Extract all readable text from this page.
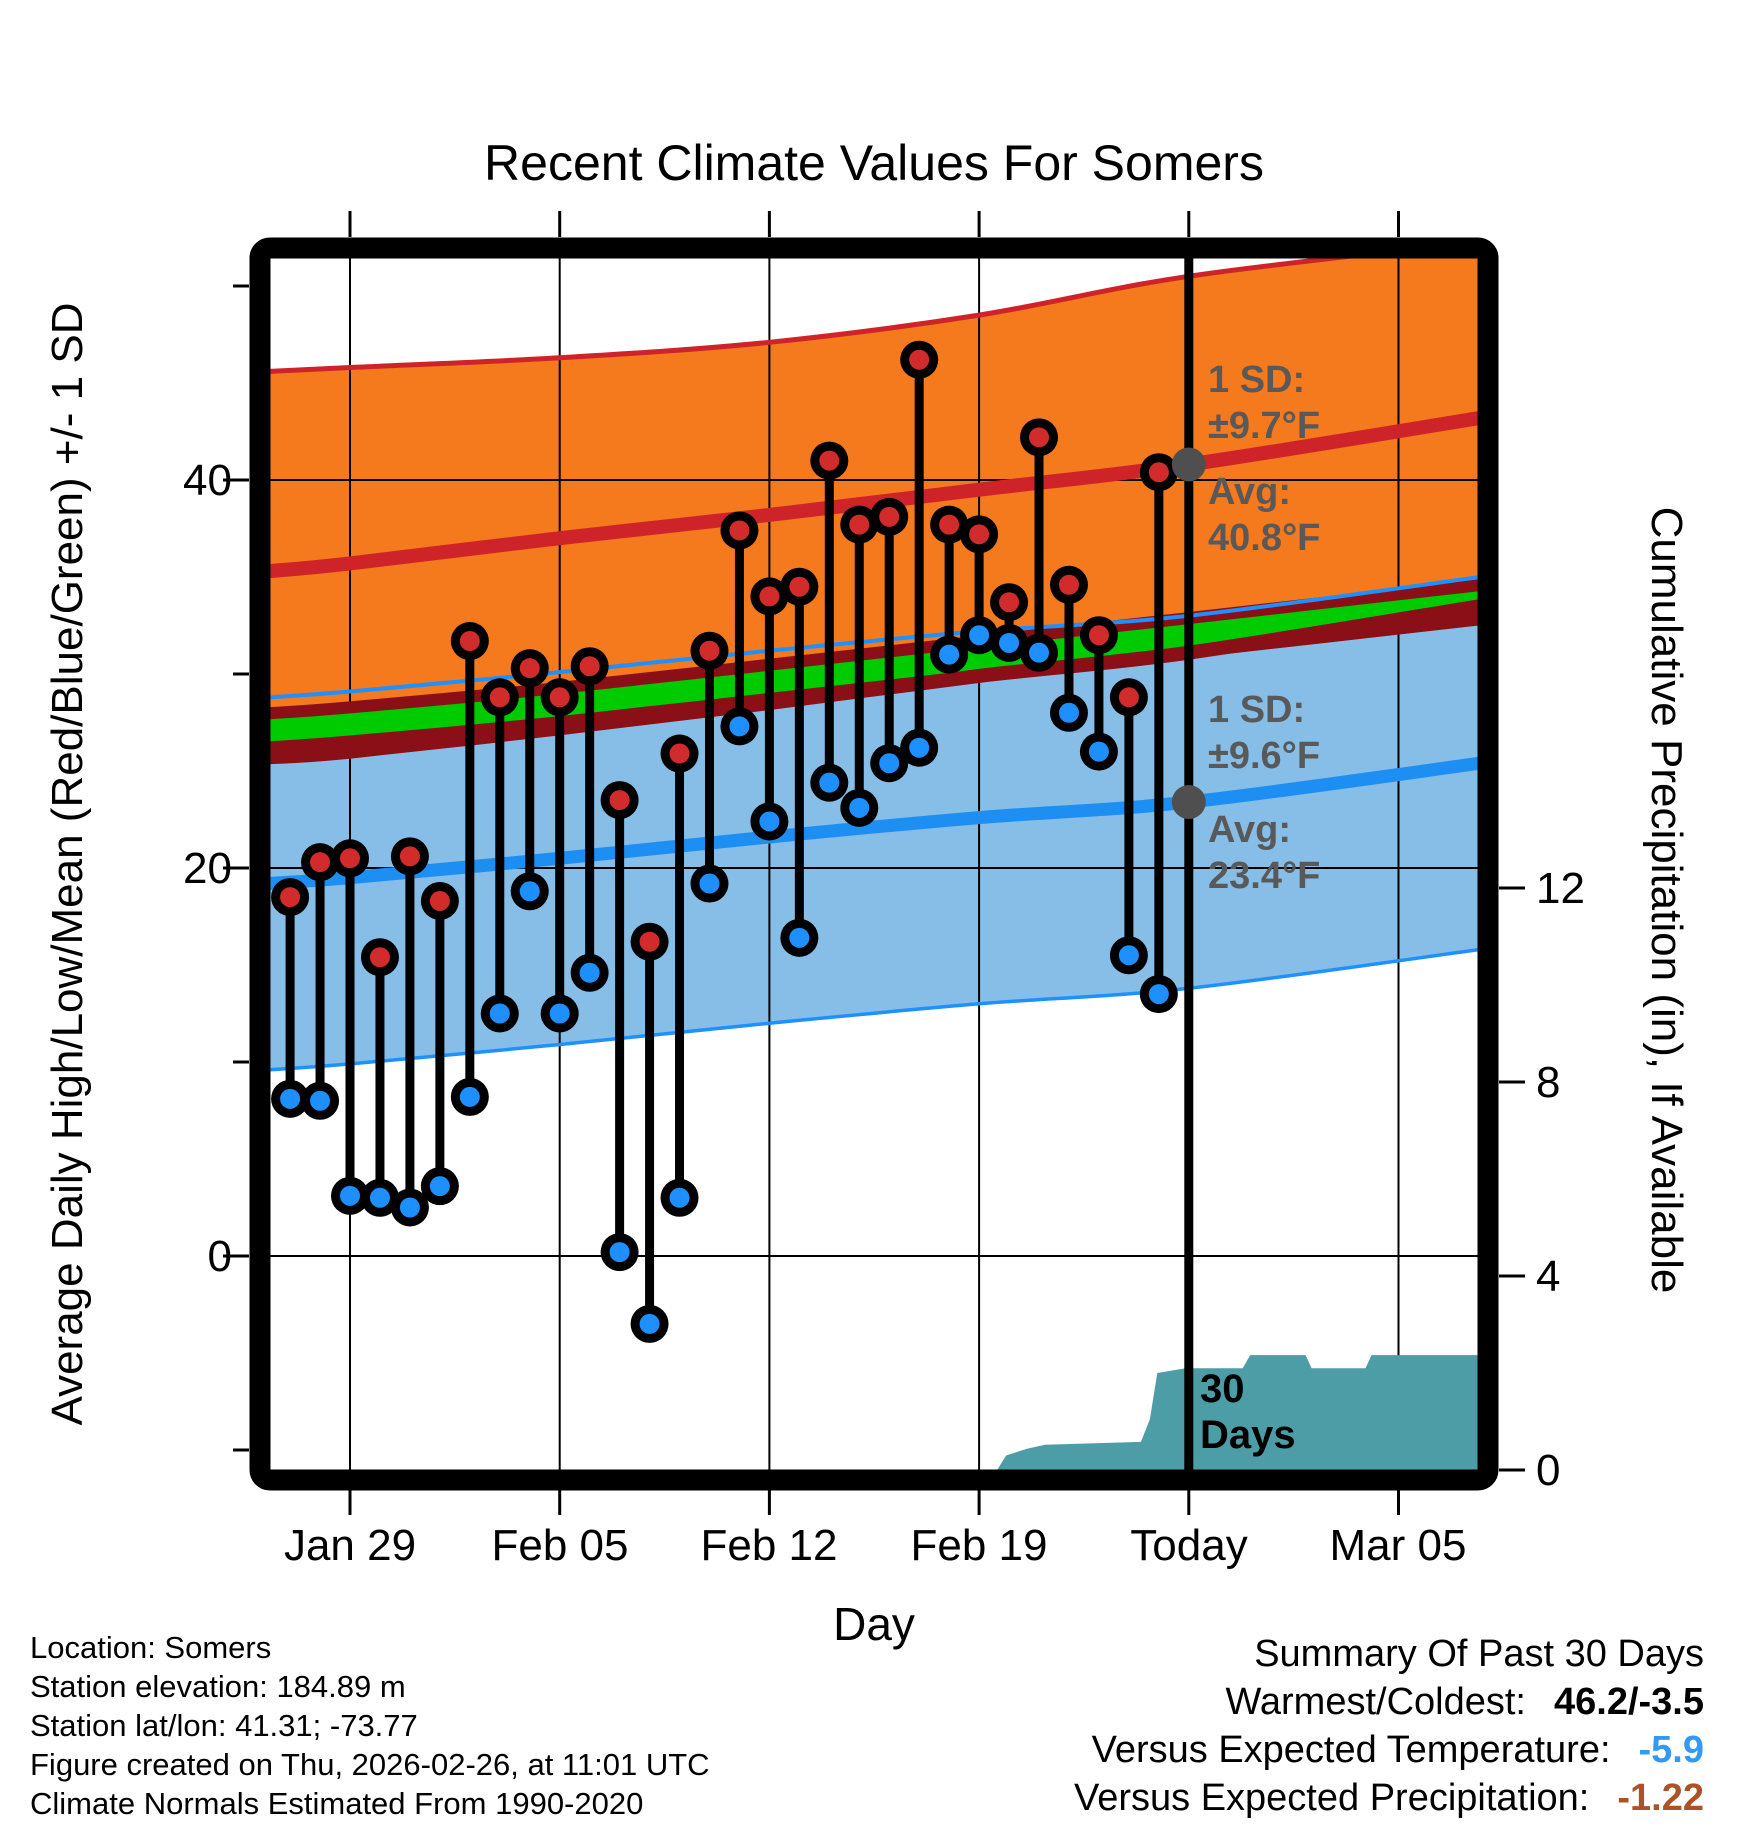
Recent Climate Values For Somers
Average Daily High/Low/Mean (Red/Blue/Green) +/- 1 SD	Cumulative Precipitation (in), If Available
Day
40
20
0
12
8
4
0
Jan 29 Feb 05 Feb 12 Feb 19 Today Mar 05
1 SD:
±9.7°F
Avg:
40.8°F
1 SD:
±9.6°F
Avg:
23.4°F
30
Days
Location: Somers
Station elevation: 184.89 m
Station lat/lon: 41.31; -73.77
Figure created on Thu, 2026-02-26, at 11:01 UTC
Climate Normals Estimated From 1990-2020
Summary Of Past 30 Days
Warmest/Coldest: 46.2/-3.5
Versus Expected Temperature: -5.9
Versus Expected Precipitation: -1.22
